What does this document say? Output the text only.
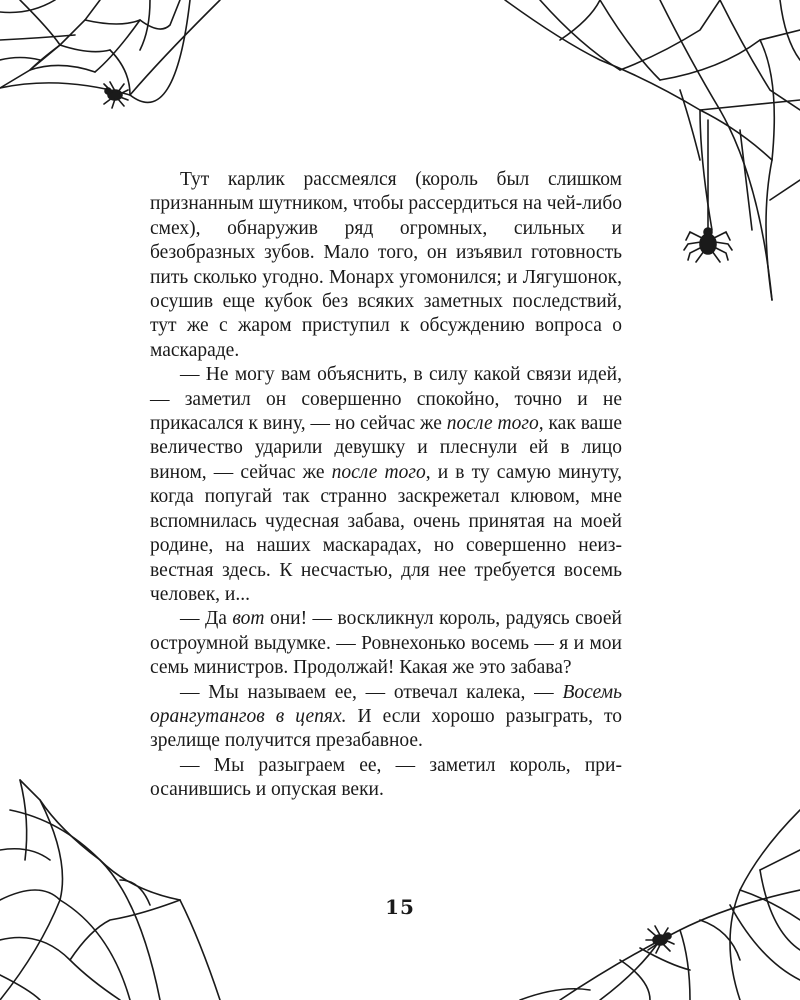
Тут карлик рассмеялся (король был слишком признанным шутником, чтобы рассердиться на чей-либо смех), обнаружив ряд огромных, сильных и безобразных зубов. Мало того, он изъявил готовность пить сколько угодно. Монарх угомонился; и Лягушонок, осушив еще кубок без всяких заметных последствий, тут же с жаром приступил к обсуждению вопроса о маскараде.

— Не могу вам объяснить, в силу какой связи идей, — заметил он совершенно спокойно, точно и не прикасался к вину, — но сейчас же после того, как ваше величество ударили девушку и плеснули ей в лицо вином, — сейчас же после того, и в ту самую минуту, когда попугай так странно заскрежетал клювом, мне вспомнилась чудесная забава, очень принятая на моей родине, на наших маскарадах, но совершенно неизвестная здесь. К несчастью, для нее требуется восемь человек, и...

— Да вот они! — воскликнул король, радуясь своей остроумной выдумке. — Ровнехонько восемь — я и мои семь министров. Продолжай! Какая же это забава?

— Мы называем ее, — отвечал калека, — Восемь орангутангов в цепях. И если хорошо разыграть, то зрелище получится презабавное.

— Мы разыграем ее, — заметил король, приосанившись и опуская веки.

15
